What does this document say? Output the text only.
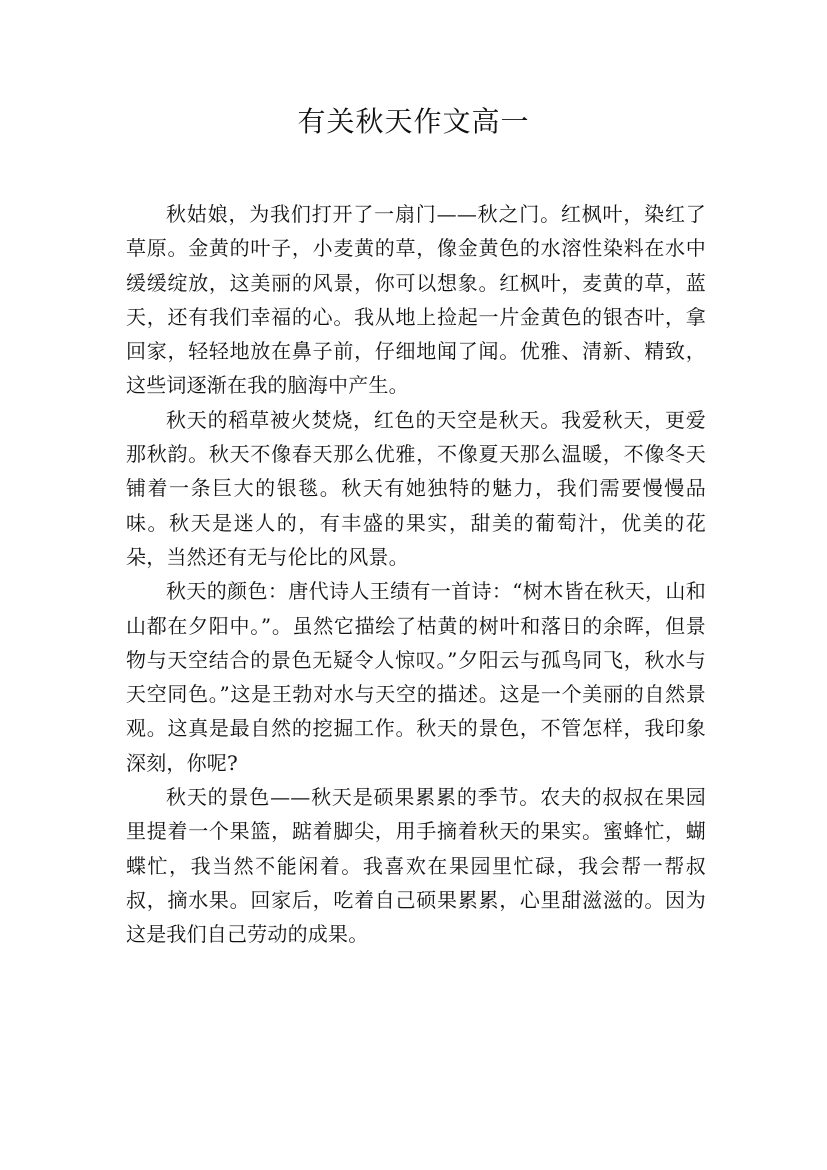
有关秋天作文高一

秋姑娘，为我们打开了一扇门——秋之门。红枫叶，染红了草原。金黄的叶子，小麦黄的草，像金黄色的水溶性染料在水中缓缓绽放，这美丽的风景，你可以想象。红枫叶，麦黄的草，蓝天，还有我们幸福的心。我从地上捡起一片金黄色的银杏叶，拿回家，轻轻地放在鼻子前，仔细地闻了闻。优雅、清新、精致，这些词逐渐在我的脑海中产生。

秋天的稻草被火焚烧，红色的天空是秋天。我爱秋天，更爱那秋韵。秋天不像春天那么优雅，不像夏天那么温暖，不像冬天铺着一条巨大的银毯。秋天有她独特的魅力，我们需要慢慢品味。秋天是迷人的，有丰盛的果实，甜美的葡萄汁，优美的花朵，当然还有无与伦比的风景。

秋天的颜色：唐代诗人王绩有一首诗：“树木皆在秋天，山和山都在夕阳中。”。虽然它描绘了枯黄的树叶和落日的余晖，但景物与天空结合的景色无疑令人惊叹。”夕阳云与孤鸟同飞，秋水与天空同色。”这是王勃对水与天空的描述。这是一个美丽的自然景观。这真是最自然的挖掘工作。秋天的景色，不管怎样，我印象深刻，你呢?

秋天的景色——秋天是硕果累累的季节。农夫的叔叔在果园里提着一个果篮，踮着脚尖，用手摘着秋天的果实。蜜蜂忙，蝴蝶忙，我当然不能闲着。我喜欢在果园里忙碌，我会帮一帮叔叔，摘水果。回家后，吃着自己硕果累累，心里甜滋滋的。因为这是我们自己劳动的成果。
